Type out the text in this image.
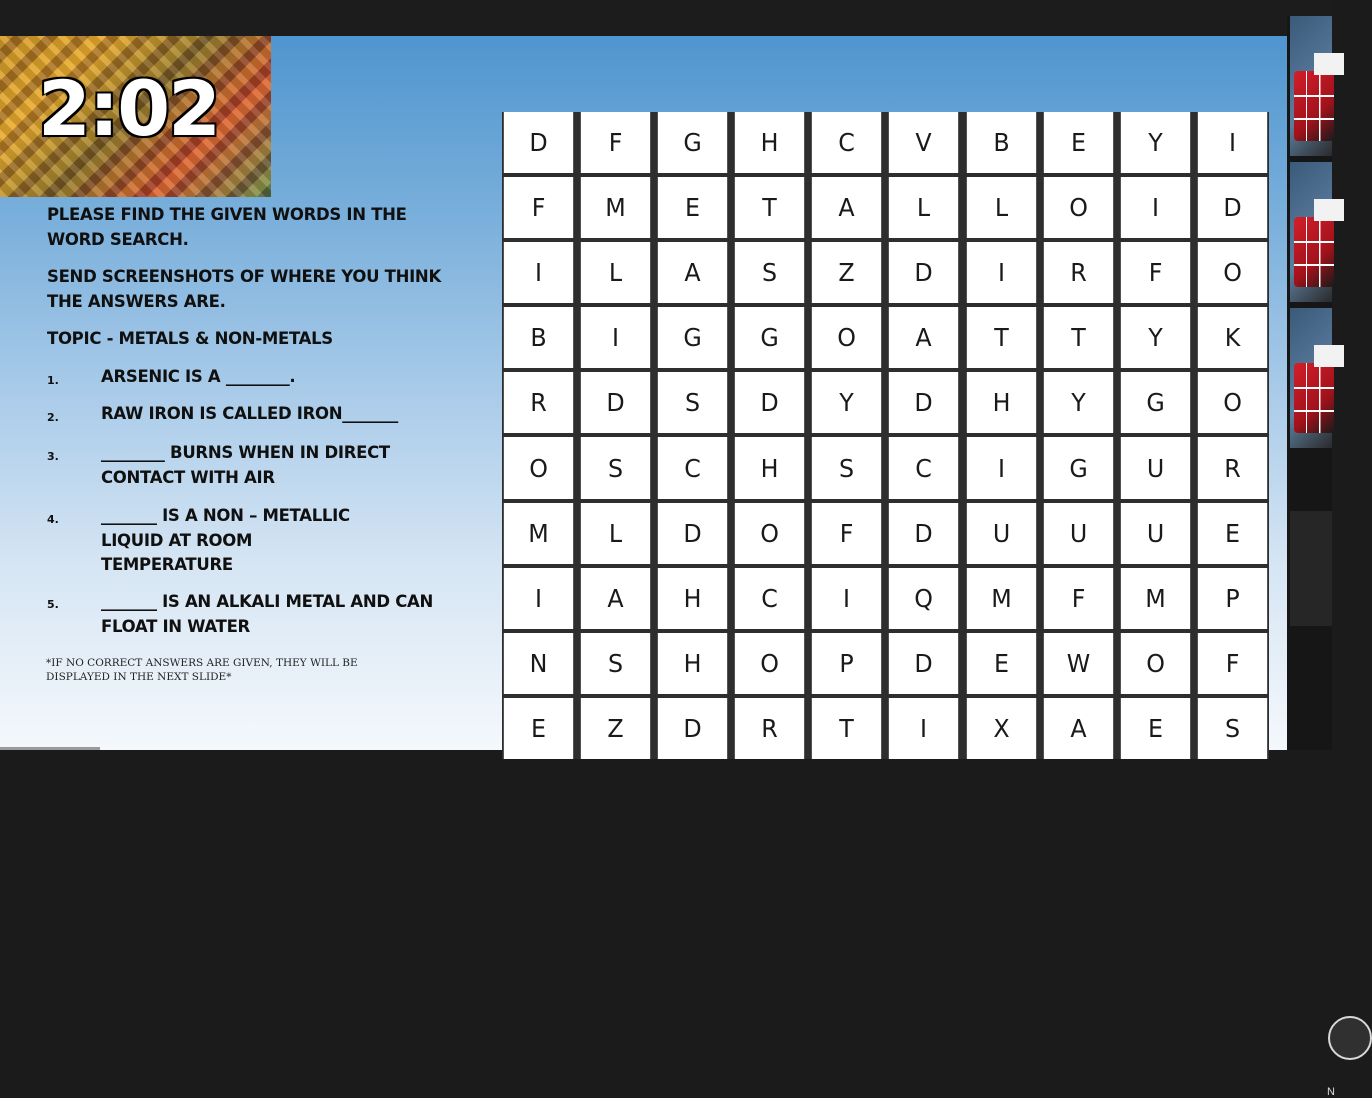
2:02

PLEASE FIND THE GIVEN WORDS IN THE WORD SEARCH.

SEND SCREENSHOTS OF WHERE YOU THINK THE ANSWERS ARE.

TOPIC - METALS & NON-METALS

1.	ARSENIC IS A ________.

2.	RAW IRON IS CALLED IRON_______

3.	________ BURNS WHEN IN DIRECT CONTACT WITH AIR

4.	_______ IS A NON – METALLIC LIQUID AT ROOM TEMPERATURE

5.	_______ IS AN ALKALI METAL AND CAN FLOAT IN WATER

*IF NO CORRECT ANSWERS ARE GIVEN, THEY WILL BE DISPLAYED IN THE NEXT SLIDE*
D	F	G	H	C	V	B	E	Y	I
F	M	E	T	A	L	L	O	I	D
I	L	A	S	Z	D	I	R	F	O
B	I	G	G	O	A	T	T	Y	K
R	D	S	D	Y	D	H	Y	G	O
O	S	C	H	S	C	I	G	U	R
M	L	D	O	F	D	U	U	U	E
I	A	H	C	I	Q	M	F	M	P
N	S	H	O	P	D	E	W	O	F
E	Z	D	R	T	I	X	A	E	S
N
